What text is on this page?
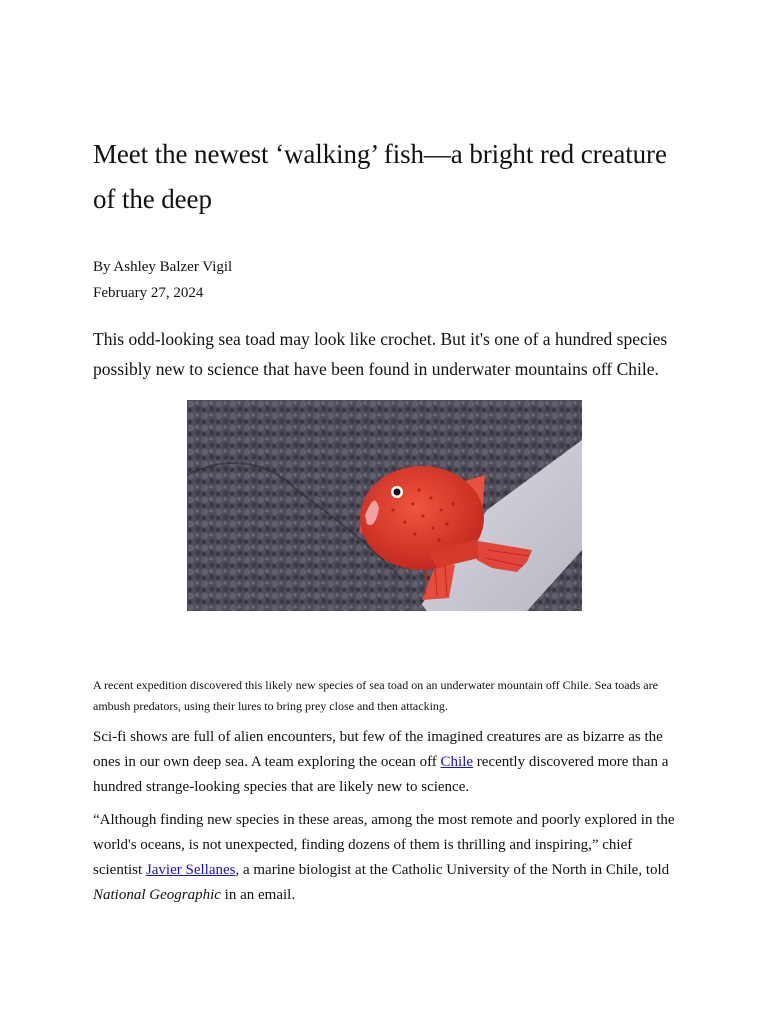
Meet the newest ‘walking’ fish—a bright red creature of the deep
By Ashley Balzer Vigil
February 27, 2024

This odd-looking sea toad may look like crochet. But it's one of a hundred species possibly new to science that have been found in underwater mountains off Chile.

A recent expedition discovered this likely new species of sea toad on an underwater mountain off Chile. Sea toads are ambush predators, using their lures to bring prey close and then attacking.

Sci-fi shows are full of alien encounters, but few of the imagined creatures are as bizarre as the ones in our own deep sea. A team exploring the ocean off Chile recently discovered more than a hundred strange-looking species that are likely new to science.

“Although finding new species in these areas, among the most remote and poorly explored in the world's oceans, is not unexpected, finding dozens of them is thrilling and inspiring,” chief scientist Javier Sellanes, a marine biologist at the Catholic University of the North in Chile, told National Geographic in an email.
